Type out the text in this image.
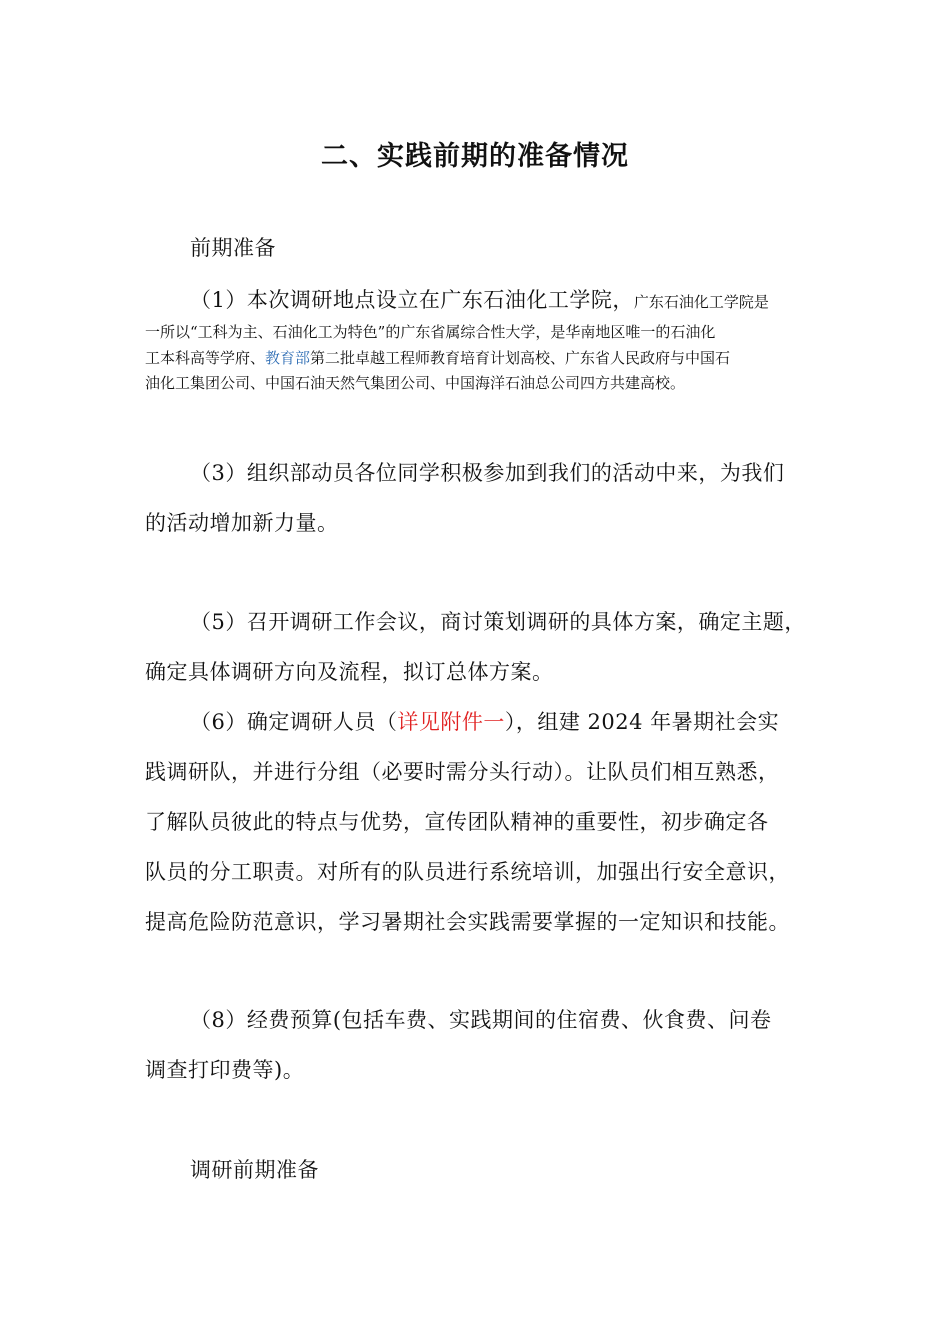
二、实践前期的准备情况
前期准备
（1）本次调研地点设立在广东石油化工学院，广东石油化工学院是
一所以“工科为主、石油化工为特色”的广东省属综合性大学，是华南地区唯一的石油化
工本科高等学府、教育部第二批卓越工程师教育培育计划高校、广东省人民政府与中国石
油化工集团公司、中国石油天然气集团公司、中国海洋石油总公司四方共建高校。
（3）组织部动员各位同学积极参加到我们的活动中来，为我们
的活动增加新力量。
（5）召开调研工作会议，商讨策划调研的具体方案，确定主题，
确定具体调研方向及流程，拟订总体方案。
（6）确定调研人员（详见附件一），组建 2024 年暑期社会实
践调研队，并进行分组（必要时需分头行动）。让队员们相互熟悉，
了解队员彼此的特点与优势，宣传团队精神的重要性，初步确定各
队员的分工职责。对所有的队员进行系统培训，加强出行安全意识，
提高危险防范意识，学习暑期社会实践需要掌握的一定知识和技能。
（8）经费预算(包括车费、实践期间的住宿费、伙食费、问卷
调查打印费等)。
调研前期准备
